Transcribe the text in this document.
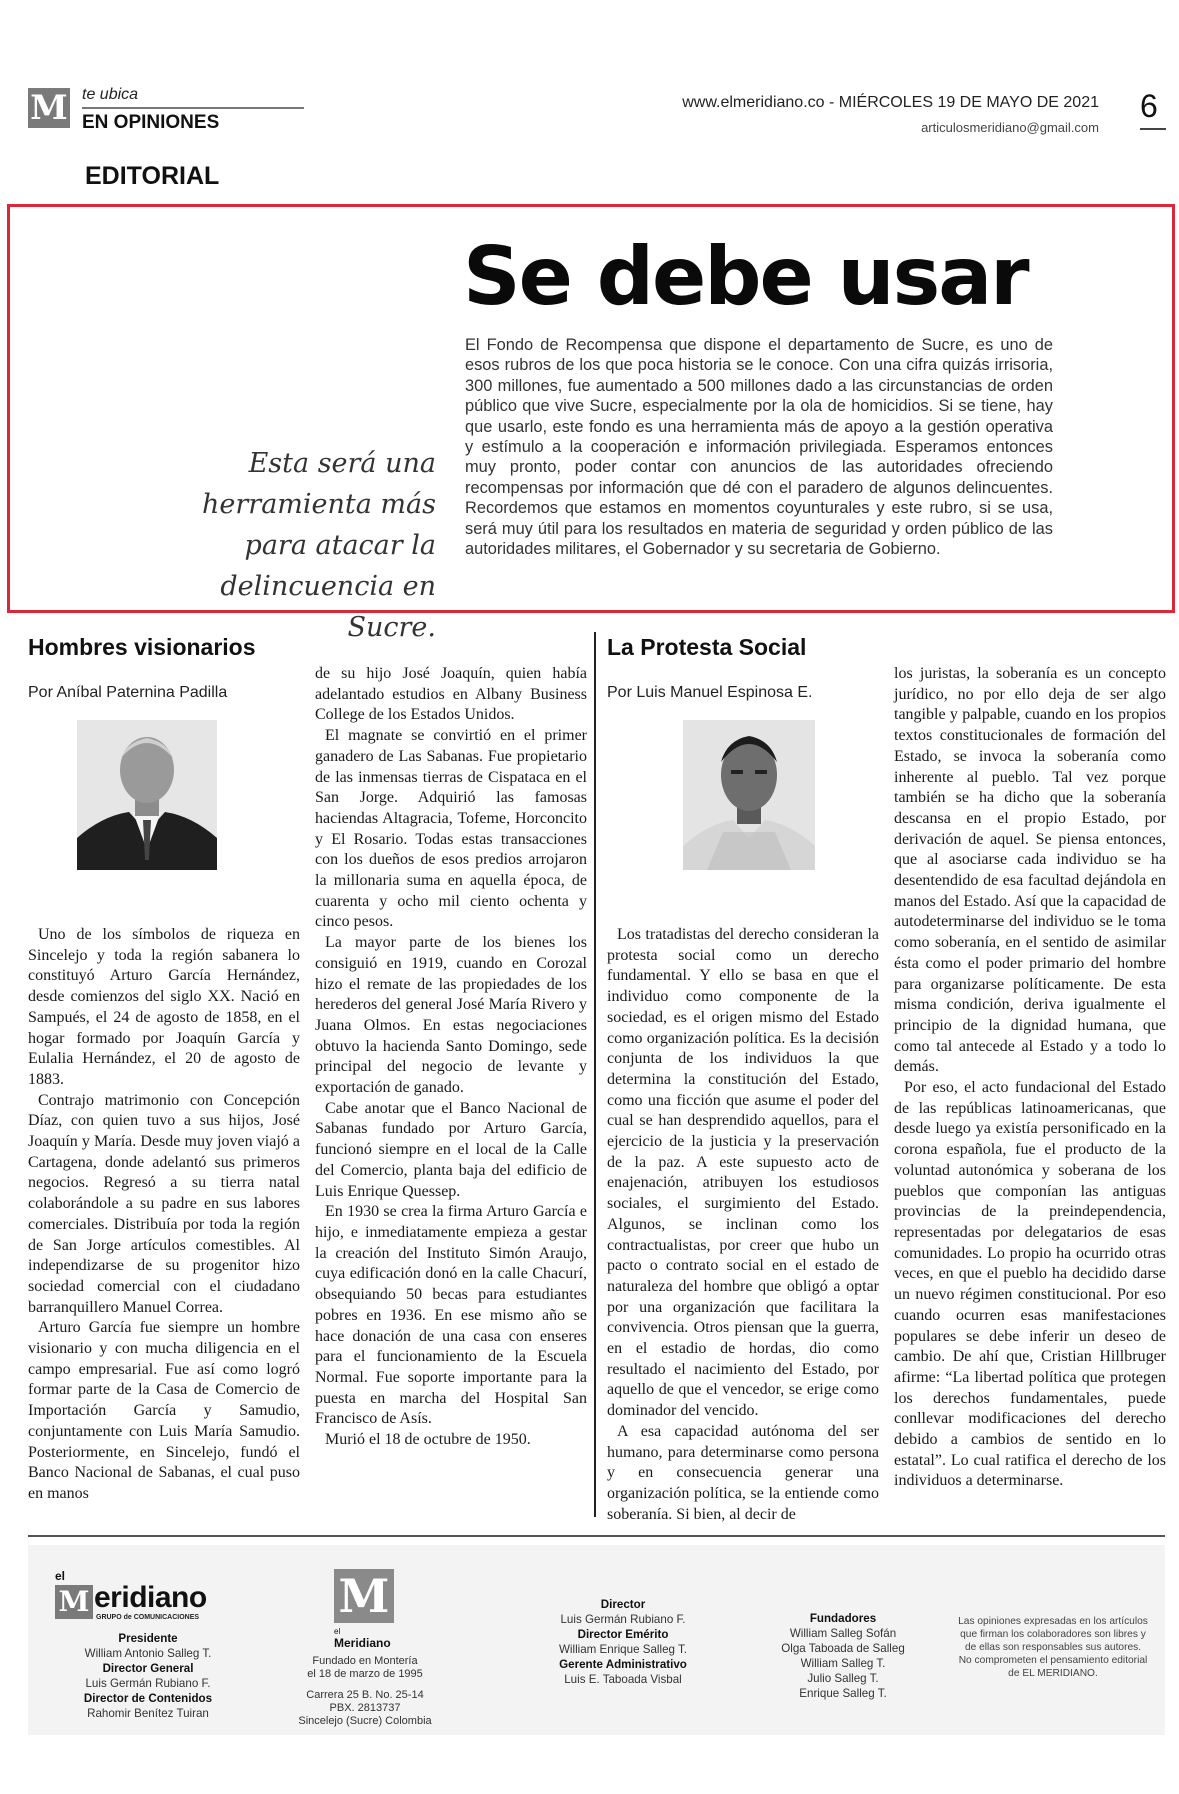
M te ubica
EN OPINIONES
www.elmeridiano.co - MIÉRCOLES 19 DE MAYO DE 2021
articulosmeridiano@gmail.com
6
EDITORIAL
Se debe usar
Esta será una herramienta más para atacar la delincuencia en Sucre.
El Fondo de Recompensa que dispone el departamento de Sucre, es uno de esos rubros de los que poca historia se le conoce. Con una cifra quizás irrisoria, 300 millones, fue aumentado a 500 millones dado a las circunstancias de orden público que vive Sucre, especialmente por la ola de homicidios. Si se tiene, hay que usarlo, este fondo es una herramienta más de apoyo a la gestión operativa y estímulo a la cooperación e información privilegiada. Esperamos entonces muy pronto, poder contar con anuncios de las autoridades ofreciendo recompensas por información que dé con el paradero de algunos delincuentes. Recordemos que estamos en momentos coyunturales y este rubro, si se usa, será muy útil para los resultados en materia de seguridad y orden público de las autoridades militares, el Gobernador y su secretaria de Gobierno.
Hombres visionarios
Por Aníbal Paternina Padilla

Uno de los símbolos de riqueza en Sincelejo y toda la región sabanera lo constituyó Arturo García Hernández, desde comienzos del siglo XX. Nació en Sampués, el 24 de agosto de 1858, en el hogar formado por Joaquín García y Eulalia Hernández, el 20 de agosto de 1883.

Contrajo matrimonio con Concepción Díaz, con quien tuvo a sus hijos, José Joaquín y María. Desde muy joven viajó a Cartagena, donde adelantó sus primeros negocios. Regresó a su tierra natal colaborándole a su padre en sus labores comerciales. Distribuía por toda la región de San Jorge artículos comestibles. Al independizarse de su progenitor hizo sociedad comercial con el ciudadano barranquillero Manuel Correa.

Arturo García fue siempre un hombre visionario y con mucha diligencia en el campo empresarial. Fue así como logró formar parte de la Casa de Comercio de Importación García y Samudio, conjuntamente con Luis María Samudio. Posteriormente, en Sincelejo, fundó el Banco Nacional de Sabanas, el cual puso en manos

de su hijo José Joaquín, quien había adelantado estudios en Albany Business College de los Estados Unidos.

El magnate se convirtió en el primer ganadero de Las Sabanas. Fue propietario de las inmensas tierras de Cispataca en el San Jorge. Adquirió las famosas haciendas Altagracia, Tofeme, Horconcito y El Rosario. Todas estas transacciones con los dueños de esos predios arrojaron la millonaria suma en aquella época, de cuarenta y ocho mil ciento ochenta y cinco pesos.

La mayor parte de los bienes los consiguió en 1919, cuando en Corozal hizo el remate de las propiedades de los herederos del general José María Rivero y Juana Olmos. En estas negociaciones obtuvo la hacienda Santo Domingo, sede principal del negocio de levante y exportación de ganado.

Cabe anotar que el Banco Nacional de Sabanas fundado por Arturo García, funcionó siempre en el local de la Calle del Comercio, planta baja del edificio de Luis Enrique Quessep.

En 1930 se crea la firma Arturo García e hijo, e inmediatamente empieza a gestar la creación del Instituto Simón Araujo, cuya edificación donó en la calle Chacurí, obsequiando 50 becas para estudiantes pobres en 1936. En ese mismo año se hace donación de una casa con enseres para el funcionamiento de la Escuela Normal. Fue soporte importante para la puesta en marcha del Hospital San Francisco de Asís.

Murió el 18 de octubre de 1950.

La Protesta Social
Por Luis Manuel Espinosa E.

Los tratadistas del derecho consideran la protesta social como un derecho fundamental. Y ello se basa en que el individuo como componente de la sociedad, es el origen mismo del Estado como organización política. Es la decisión conjunta de los individuos la que determina la constitución del Estado, como una ficción que asume el poder del cual se han desprendido aquellos, para el ejercicio de la justicia y la preservación de la paz. A este supuesto acto de enajenación, atribuyen los estudiosos sociales, el surgimiento del Estado. Algunos, se inclinan como los contractualistas, por creer que hubo un pacto o contrato social en el estado de naturaleza del hombre que obligó a optar por una organización que facilitara la convivencia. Otros piensan que la guerra, en el estadio de hordas, dio como resultado el nacimiento del Estado, por aquello de que el vencedor, se erige como dominador del vencido.

A esa capacidad autónoma del ser humano, para determinarse como persona y en consecuencia generar una organización política, se la entiende como soberanía. Si bien, al decir de

los juristas, la soberanía es un concepto jurídico, no por ello deja de ser algo tangible y palpable, cuando en los propios textos constitucionales de formación del Estado, se invoca la soberanía como inherente al pueblo. Tal vez porque también se ha dicho que la soberanía descansa en el propio Estado, por derivación de aquel. Se piensa entonces, que al asociarse cada individuo se ha desentendido de esa facultad dejándola en manos del Estado. Así que la capacidad de autodeterminarse del individuo se le toma como soberanía, en el sentido de asimilar ésta como el poder primario del hombre para organizarse políticamente. De esta misma condición, deriva igualmente el principio de la dignidad humana, que como tal antecede al Estado y a todo lo demás.

Por eso, el acto fundacional del Estado de las repúblicas latinoamericanas, que desde luego ya existía personificado en la corona española, fue el producto de la voluntad autonómica y soberana de los pueblos que componían las antiguas provincias de la preindependencia, representadas por delegatarios de esas comunidades. Lo propio ha ocurrido otras veces, en que el pueblo ha decidido darse un nuevo régimen constitucional. Por eso cuando ocurren esas manifestaciones populares se debe inferir un deseo de cambio. De ahí que, Cristian Hillbruger afirme: “La libertad política que protegen los derechos fundamentales, puede conllevar modificaciones del derecho debido a cambios de sentido en lo estatal”. Lo cual ratifica el derecho de los individuos a determinarse.

el
M eridiano
GRUPO de COMUNICACIONES
Presidente
William Antonio Salleg T.
Director General
Luis Germán Rubiano F.
Director de Contenidos
Rahomir Benítez Tuiran
M
el
Meridiano
Fundado en Montería
el 18 de marzo de 1995
Carrera 25 B. No. 25-14
PBX. 2813737
Sincelejo (Sucre) Colombia
Director
Luis Germán Rubiano F.
Director Emérito
William Enrique Salleg T.
Gerente Administrativo
Luis E. Taboada Visbal
Fundadores
William Salleg Sofán
Olga Taboada de Salleg
William Salleg T.
Julio Salleg T.
Enrique Salleg T.
Las opiniones expresadas en los artículos que firman los colaboradores son libres y de ellas son responsables sus autores. No comprometen el pensamiento editorial de EL MERIDIANO.
